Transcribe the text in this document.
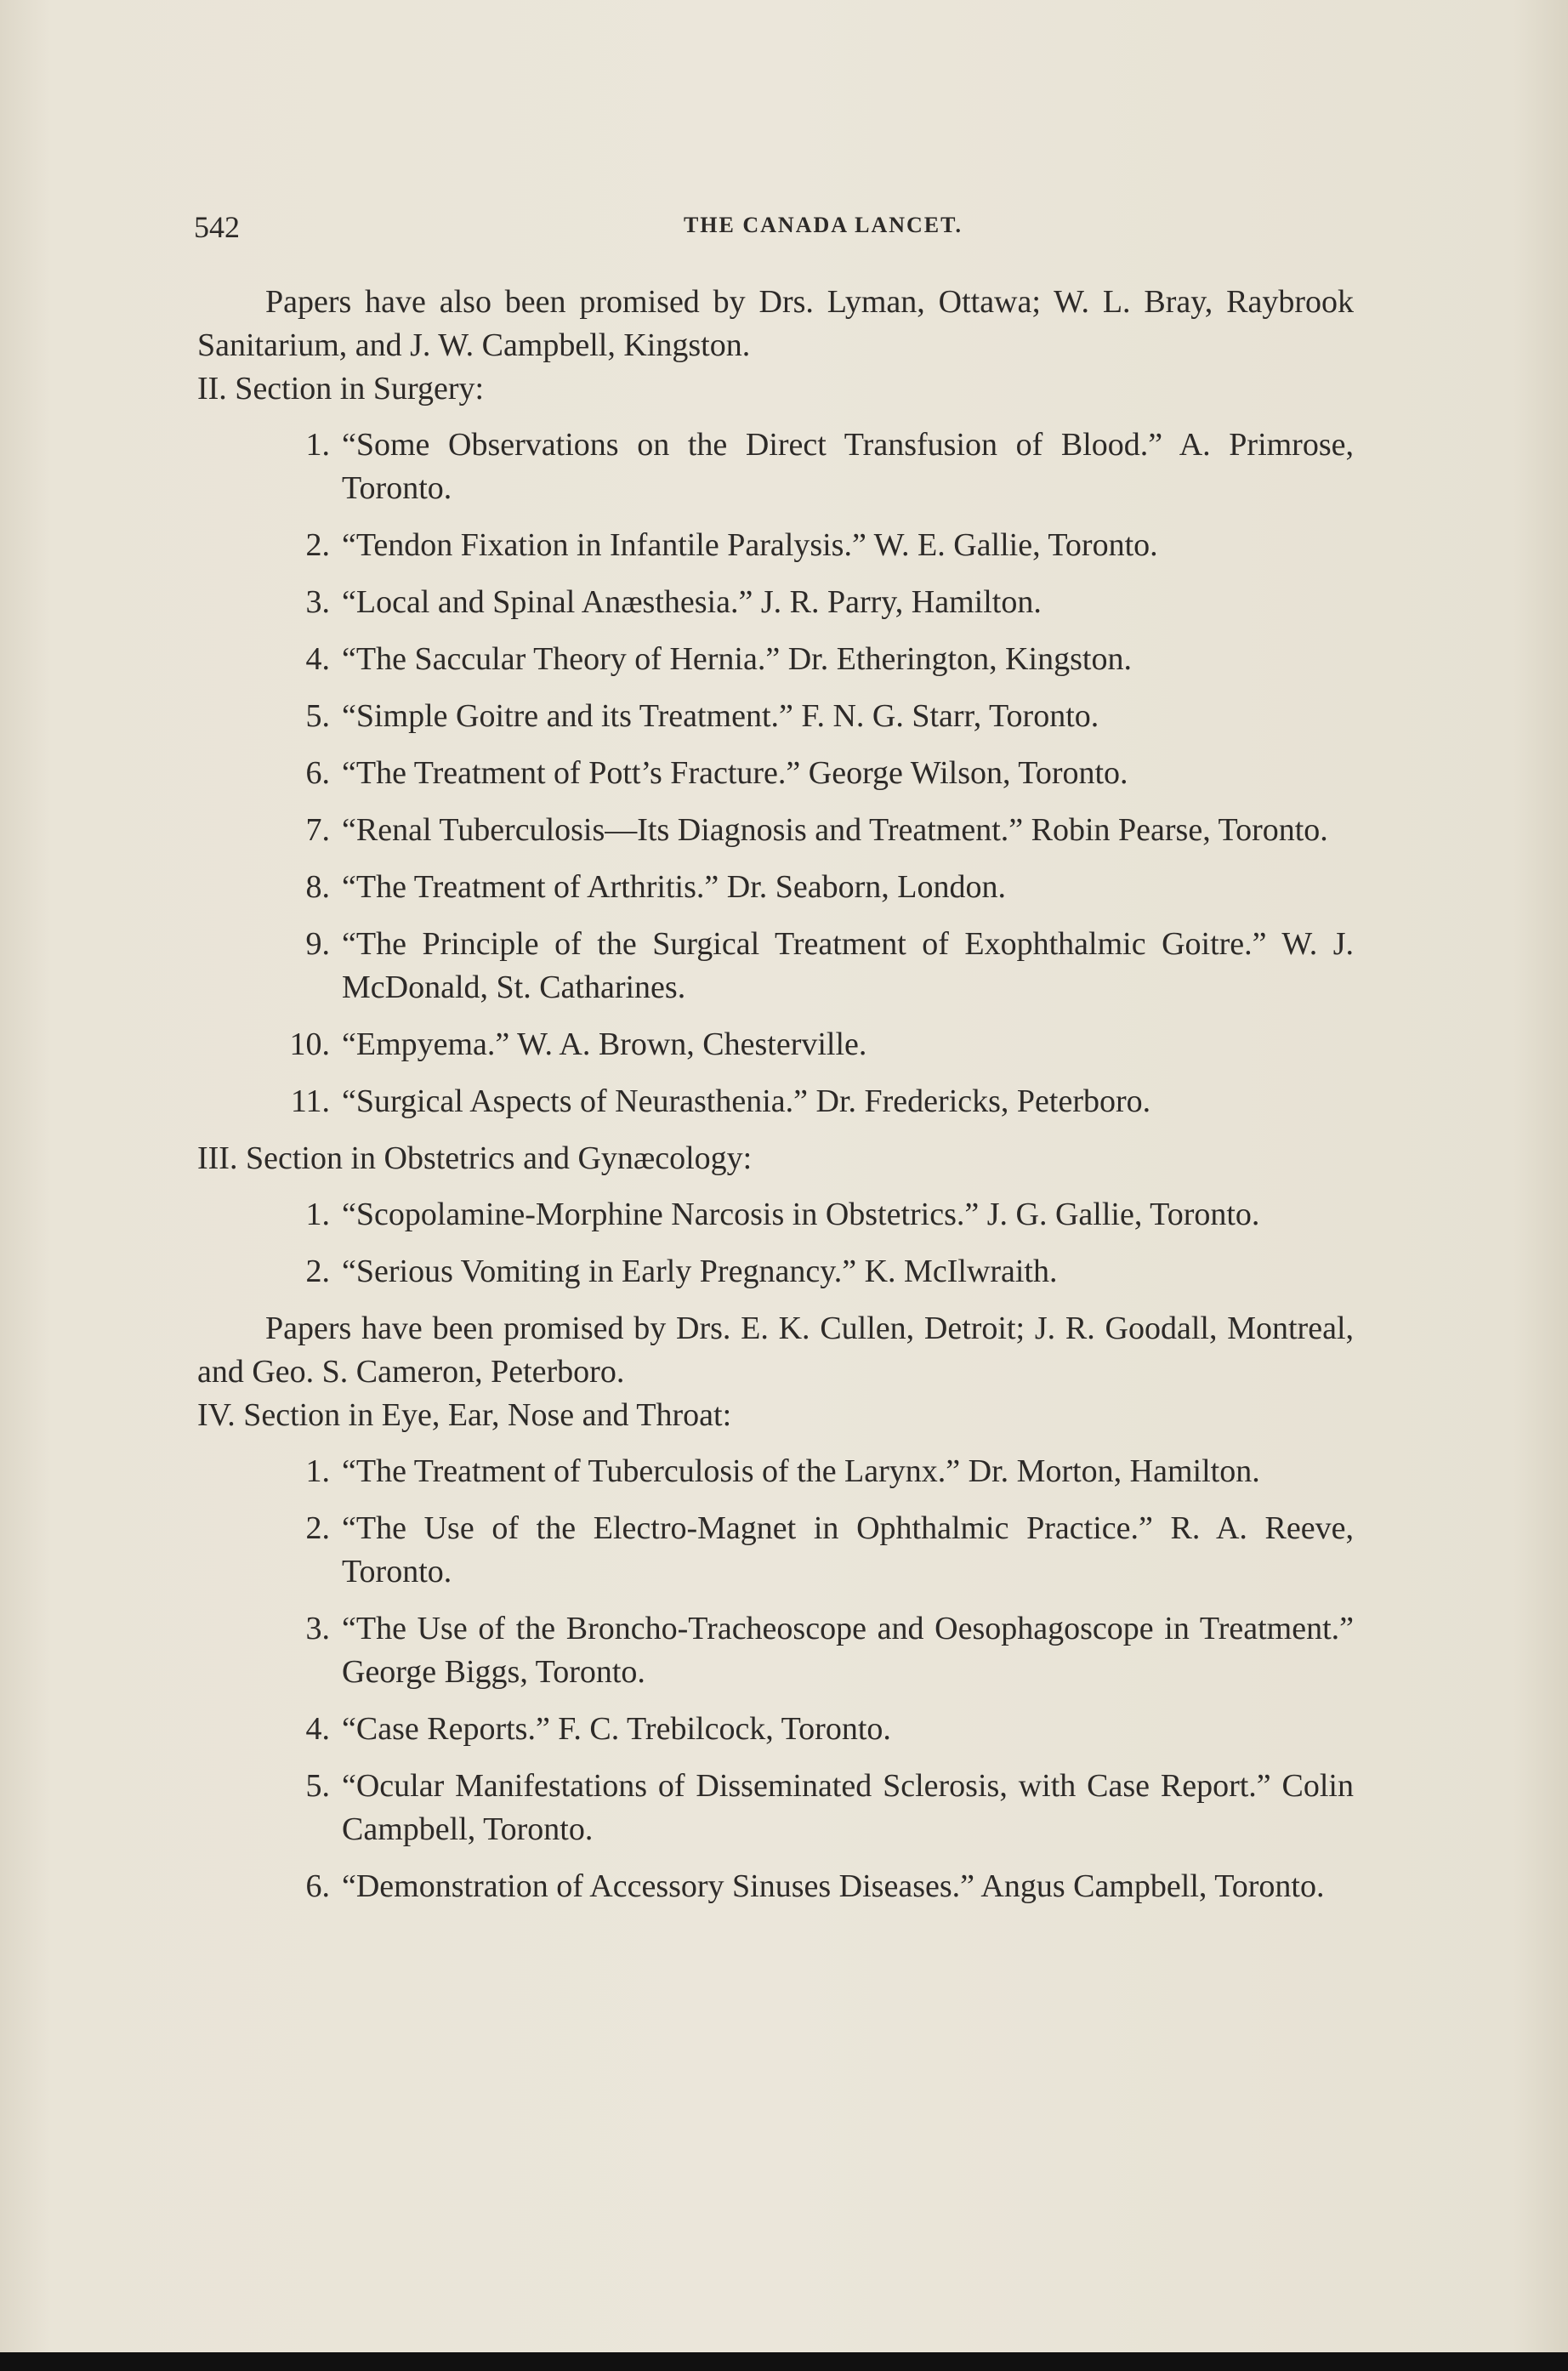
542	THE CANADA LANCET.

Papers have also been promised by Drs. Lyman, Ottawa; W. L. Bray, Raybrook Sanitarium, and J. W. Campbell, Kingston.

II. Section in Surgery:

1. “Some Observations on the Direct Transfusion of Blood.” A. Primrose, Toronto.
2. “Tendon Fixation in Infantile Paralysis.” W. E. Gallie, Toronto.
3. “Local and Spinal Anæsthesia.” J. R. Parry, Hamilton.
4. “The Saccular Theory of Hernia.” Dr. Etherington, Kingston.
5. “Simple Goitre and its Treatment.” F. N. G. Starr, Toronto.
6. “The Treatment of Pott’s Fracture.” George Wilson, Toronto.
7. “Renal Tuberculosis—Its Diagnosis and Treatment.” Robin Pearse, Toronto.
8. “The Treatment of Arthritis.” Dr. Seaborn, London.
9. “The Principle of the Surgical Treatment of Exophthalmic Goitre.” W. J. McDonald, St. Catharines.
10. “Empyema.” W. A. Brown, Chesterville.
11. “Surgical Aspects of Neurasthenia.” Dr. Fredericks, Peterboro.

III. Section in Obstetrics and Gynæcology:

1. “Scopolamine-Morphine Narcosis in Obstetrics.” J. G. Gallie, Toronto.
2. “Serious Vomiting in Early Pregnancy.” K. McIlwraith.

Papers have been promised by Drs. E. K. Cullen, Detroit; J. R. Goodall, Montreal, and Geo. S. Cameron, Peterboro.

IV. Section in Eye, Ear, Nose and Throat:

1. “The Treatment of Tuberculosis of the Larynx.” Dr. Morton, Hamilton.
2. “The Use of the Electro-Magnet in Ophthalmic Practice.” R. A. Reeve, Toronto.
3. “The Use of the Broncho-Tracheoscope and Oesophagoscope in Treatment.” George Biggs, Toronto.
4. “Case Reports.” F. C. Trebilcock, Toronto.
5. “Ocular Manifestations of Disseminated Sclerosis, with Case Report.” Colin Campbell, Toronto.
6. “Demonstration of Accessory Sinuses Diseases.” Angus Campbell, Toronto.
